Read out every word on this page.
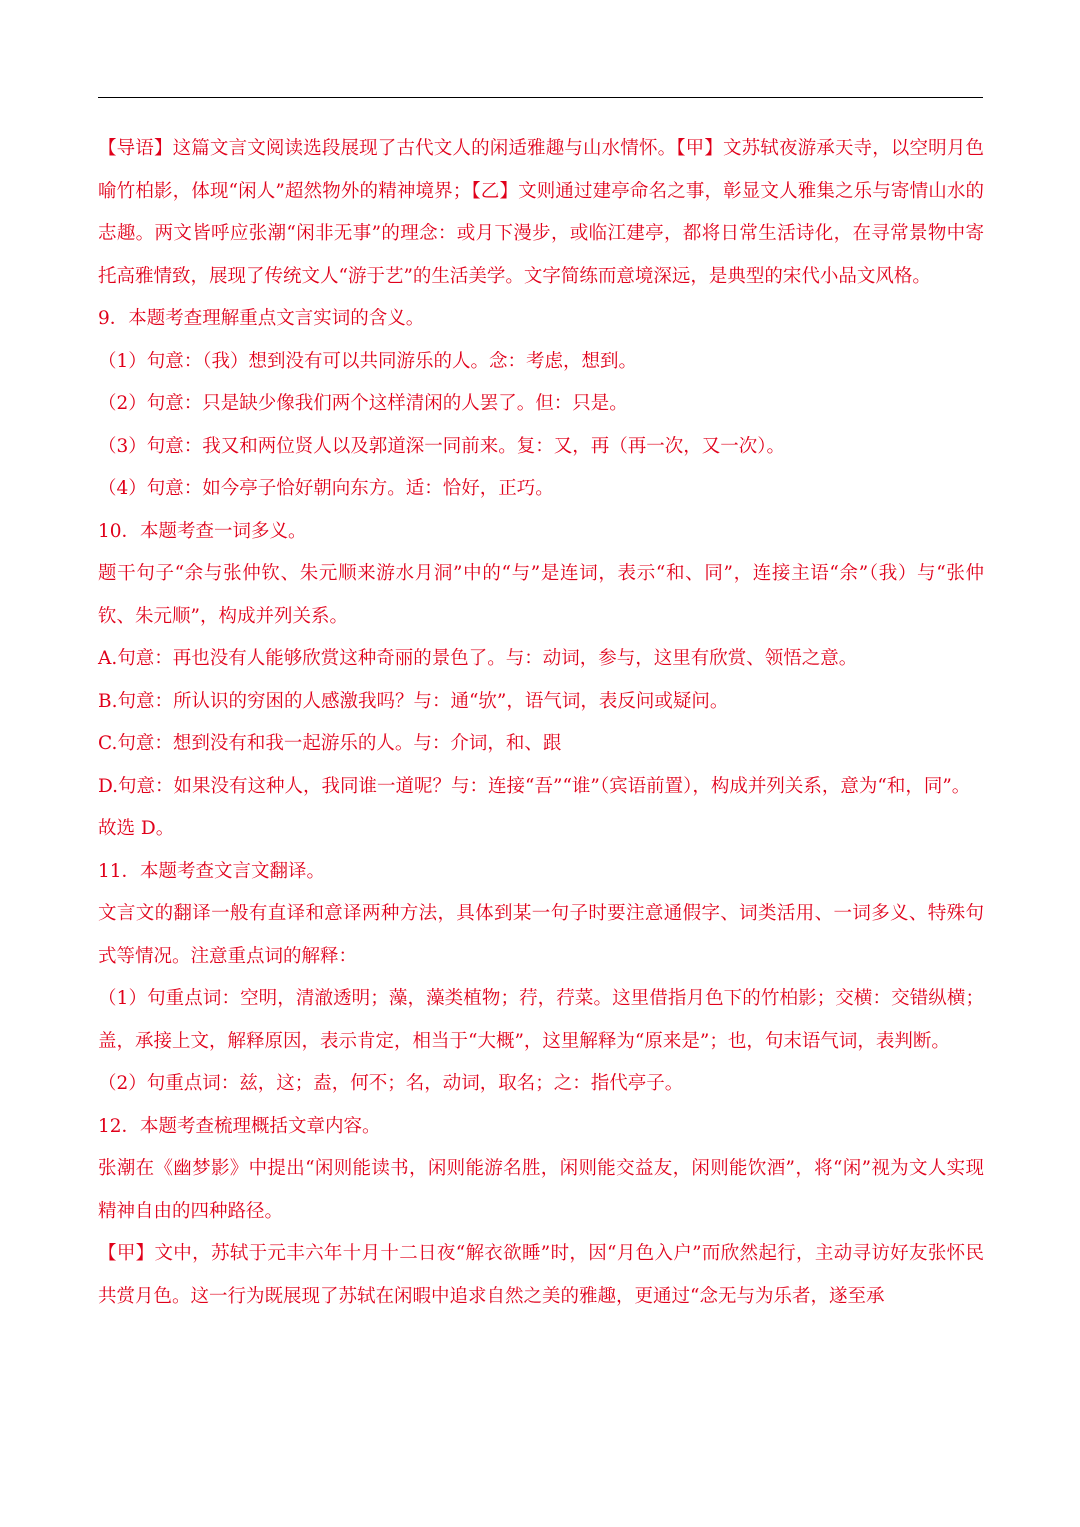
【导语】这篇文言文阅读选段展现了古代文人的闲适雅趣与山水情怀。【甲】文苏轼夜游承天寺，以空明月色喻竹柏影，体现“闲人”超然物外的精神境界；【乙】文则通过建亭命名之事，彰显文人雅集之乐与寄情山水的志趣。两文皆呼应张潮“闲非无事”的理念：或月下漫步，或临江建亭，都将日常生活诗化，在寻常景物中寄托高雅情致，展现了传统文人“游于艺”的生活美学。文字简练而意境深远，是典型的宋代小品文风格。

9．本题考查理解重点文言实词的含义。

（1）句意：（我）想到没有可以共同游乐的人。念：考虑，想到。

（2）句意：只是缺少像我们两个这样清闲的人罢了。但：只是。

（3）句意：我又和两位贤人以及郭道深一同前来。复：又，再（再一次，又一次）。

（4）句意：如今亭子恰好朝向东方。适：恰好，正巧。

10．本题考查一词多义。

题干句子“余与张仲钦、朱元顺来游水月洞”中的“与”是连词，表示“和、同”，连接主语“余”（我）与“张仲钦、朱元顺”，构成并列关系。

A.句意：再也没有人能够欣赏这种奇丽的景色了。与：动词，参与，这里有欣赏、领悟之意。

B.句意：所认识的穷困的人感激我吗？与：通“欤”，语气词，表反问或疑问。

C.句意：想到没有和我一起游乐的人。与：介词，和、跟

D.句意：如果没有这种人，我同谁一道呢？与：连接“吾”“谁”（宾语前置），构成并列关系，意为“和，同”。

故选 D。

11．本题考查文言文翻译。

文言文的翻译一般有直译和意译两种方法，具体到某一句子时要注意通假字、词类活用、一词多义、特殊句式等情况。注意重点词的解释：

（1）句重点词：空明，清澈透明；藻，藻类植物；荇，荇菜。这里借指月色下的竹柏影；交横：交错纵横；盖，承接上文，解释原因，表示肯定，相当于“大概”，这里解释为“原来是”；也，句末语气词，表判断。

（2）句重点词：兹，这；盍，何不；名，动词，取名；之：指代亭子。

12．本题考查梳理概括文章内容。

张潮在《幽梦影》中提出“闲则能读书，闲则能游名胜，闲则能交益友，闲则能饮酒”，将“闲”视为文人实现精神自由的四种路径。

【甲】文中，苏轼于元丰六年十月十二日夜“解衣欲睡”时，因“月色入户”而欣然起行，主动寻访好友张怀民共赏月色。这一行为既展现了苏轼在闲暇中追求自然之美的雅趣，更通过“念无与为乐者，遂至承
